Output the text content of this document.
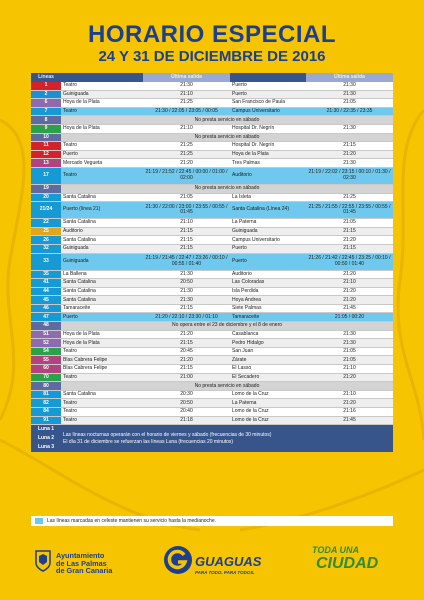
HORARIO ESPECIAL
24 Y 31 DE DICIEMBRE DE 2016
Líneas		Última salida		Última salida
1	Teatro	21:30	Puerto	21:30
2	Guiniguada	21:10	Puerto	21:30
6	Hoya de la Plata	21:25	San Francisco de Paula	21:05
7	Teatro	21:30 / 22:05 / 23:05 / 00:05	Campus Universitario	21:30 / 22:35 / 23:35
8	No presta servicio en sábado			
9	Hoya de la Plata	21:10	Hospital Dr. Negrín	21:30
10	No presta servicio en sábado			
11	Teatro	21:25	Hospital Dr. Negrín	21:15
12	Puerto	21:25	Hoya de la Plata	21:20
13	Mercado Vegueta	21:20	Tres Palmas	21:30
17	Teatro	21:19 / 21:52 / 22:45 / 00:00 / 01:00 / 02:00	Auditorio	21:19 / 22:02 / 23:15 / 00:10 / 01:30 / 02:30
19	No presta servicio en sábado			
20	Santa Catalina	21:05	La Isleta	21:25
21/24	Puerto (línea 21)	21:30 / 22:00 / 23:00 / 23:55 / 00:55 / 01:45	Santa Catalina (Línea 24)	21:25 / 21:55 / 22:55 / 23:55 / 00:55 / 01:45
22	Santa Catalina	21:10	La Paterna	21:05
25	Auditorio	21:15	Guiniguada	21:15
26	Santa Catalina	21:15	Campus Universitario	21:20
32	Guiniguada	21:15	Puerto	21:15
33	Guiniguada	21:19 / 21:45 / 22:47 / 23:26 / 00:10 / 00:55 / 01:40	Puerto	21:26 / 21:42 / 22:45 / 23:25 / 00:10 / 00:50 / 01:40
35	La Ballena	21:30	Auditorio	21:20
41	Santa Catalina	20:50	Las Coloradas	21:10
44	Santa Catalina	21:30	Isla Perdida	21:20
45	Santa Catalina	21:30	Hoya Andrea	21:20
46	Tamaraceite	21:15	Siete Palmas	21:45
47	Puerto	21:20 / 22:10 / 23:30 / 01:10	Tamaraceite	21:05 / 00:20
48	No opera entre el 23 de diciembre y el 8 de enero			
51	Hoya de la Plata	21:20	Casablanca	21:30
52	Hoya de la Plata	21:15	Pedro Hidalgo	21:30
54	Teatro	20:45	San Juan	21:05
55	Blas Cabrera Felipe	21:20	Zárate	21:05
60	Blas Cabrera Felipe	21:15	El Lasso	21:10
70	Teatro	21:00	El Secadero	21:20
80	No presta servicio en sábado			
81	Santa Catalina	20:30	Lomo de la Cruz	21:10
82	Teatro	20:50	La Paterna	21:20
84	Teatro	20:40	Lomo de la Cruz	21:16
91	Teatro	21:18	Lomo de la Cruz	21:45
Luna 1	Las líneas nocturnas operarán con el horario de viernes y sábado (frecuencias de 30 minutos)
El día 31 de diciembre se refuerzan las líneas Luna (frecuencias 20 minutos)			

Luna 2				
Luna 3				
Las líneas marcadas en celeste mantienen su servicio hasta la medianoche.
Ayuntamiento
de Las Palmas
de Gran Canaria
GUAGUAS
PARA TODO. PARA TODOS.
TODA UNA
CIUDAD
